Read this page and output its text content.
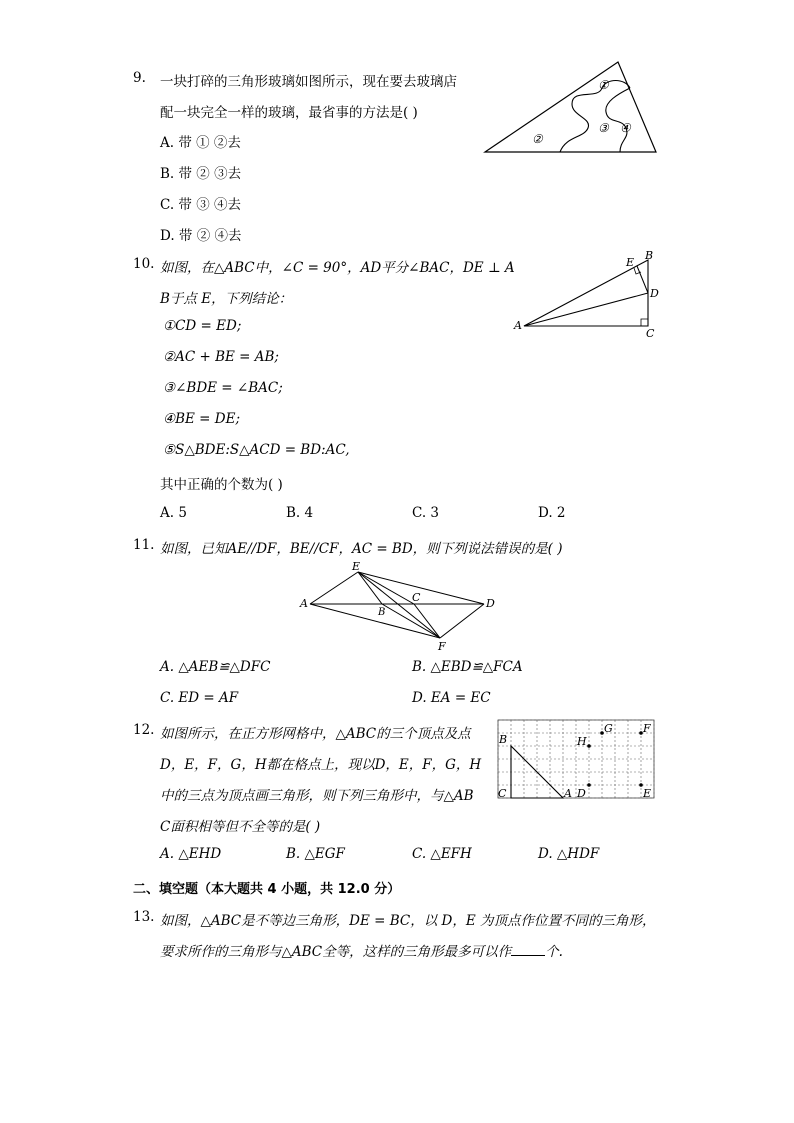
9. 一块打碎的三角形玻璃如图所示，现在要去玻璃店
配一块完全一样的玻璃，最省事的方法是( )
A. 带 ① ②去
B. 带 ② ③去
C. 带 ③ ④去
D. 带 ② ④去
①
②
③ ④
10. 如图，在△ABC中，∠C = 90°，AD平分∠BAC，DE ⊥ A
B于点 E，下列结论：
①CD = ED;
②AC + BE = AB;
③∠BDE = ∠BAC;
④BE = DE;
⑤S△BDE:S△ACD = BD:AC,
其中正确的个数为( )
A. 5	B. 4	C. 3	D. 2
A
B
C
D
E
11. 如图，已知AE//DF，BE//CF，AC = BD，则下列说法错误的是( )
A
B
C	D
E
F
A. △AEB≌△DFC	B. △EBD≌△FCA
C. ED = AF	D. EA = EC
12. 如图所示，在正方形网格中，△ABC的三个顶点及点
D，E，F，G，H都在格点上，现以D，E，F，G，H
中的三点为顶点画三角形，则下列三角形中，与△AB
C面积相等但不全等的是( )
A. △EHD	B. △EGF	C. △EFH	D. △HDF
B
C	A D	E
F
G
H
二、填空题（本大题共 4 小题，共 12.0 分）
13. 如图，△ABC是不等边三角形，DE = BC，以 D，E 为顶点作位置不同的三角形，
要求所作的三角形与△ABC全等，这样的三角形最多可以作	个.
